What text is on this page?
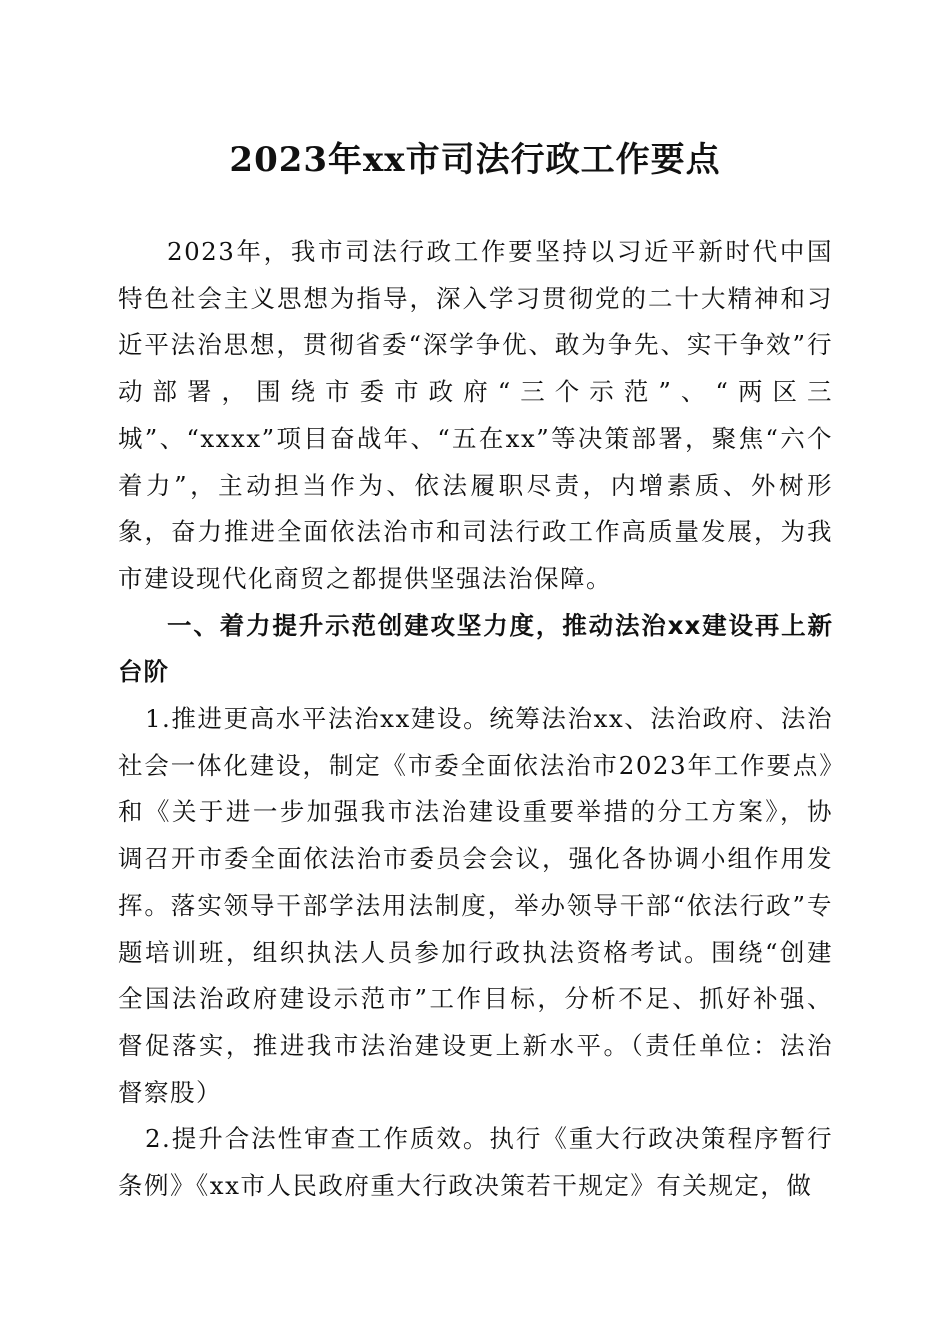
2023年xx市司法行政工作要点

2023年，我市司法行政工作要坚持以习近平新时代中国特色社会主义思想为指导，深入学习贯彻党的二十大精神和习近平法治思想，贯彻省委“深学争优、敢为争先、实干争效”行动部署，围绕市委市政府“三个示范”、“两区三城”、“xxxx”项目奋战年、“五在xx”等决策部署，聚焦“六个着力”，主动担当作为、依法履职尽责，内增素质、外树形象，奋力推进全面依法治市和司法行政工作高质量发展，为我市建设现代化商贸之都提供坚强法治保障。

一、着力提升示范创建攻坚力度，推动法治xx建设再上新台阶

1.推进更高水平法治xx建设。统筹法治xx、法治政府、法治社会一体化建设，制定《市委全面依法治市2023年工作要点》和《关于进一步加强我市法治建设重要举措的分工方案》，协调召开市委全面依法治市委员会会议，强化各协调小组作用发挥。落实领导干部学法用法制度，举办领导干部“依法行政”专题培训班，组织执法人员参加行政执法资格考试。围绕“创建全国法治政府建设示范市”工作目标，分析不足、抓好补强、督促落实，推进我市法治建设更上新水平。（责任单位：法治督察股）

2.提升合法性审查工作质效。执行《重大行政决策程序暂行条例》《xx市人民政府重大行政决策若干规定》有关规定，做
